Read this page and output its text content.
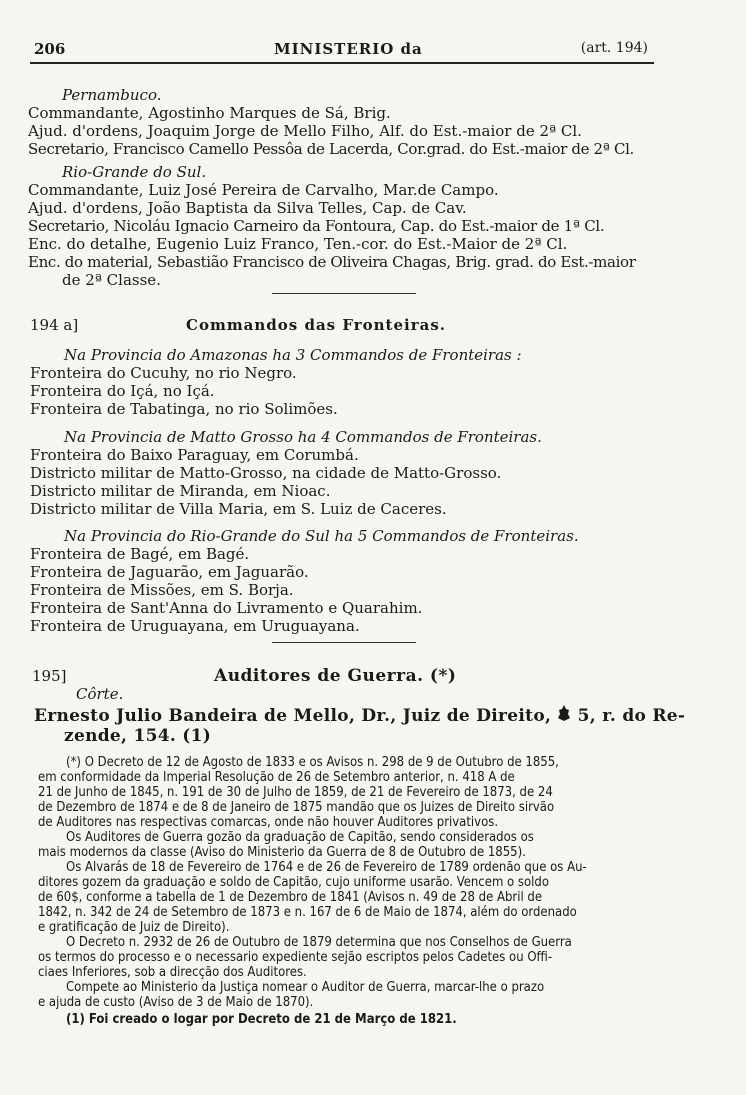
206	MINISTERIO da	(art. 194)
Pernambuco.
Commandante, Agostinho Marques de Sá, Brig.
Ajud. d'ordens, Joaquim Jorge de Mello Filho, Alf. do Est.-maior de 2ª Cl.
Secretario, Francisco Camello Pessôa de Lacerda, Cor.grad. do Est.-maior de 2ª Cl.
Rio-Grande do Sul.
Commandante, Luiz José Pereira de Carvalho, Mar.de Campo.
Ajud. d'ordens, João Baptista da Silva Telles, Cap. de Cav.
Secretario, Nicoláu Ignacio Carneiro da Fontoura, Cap. do Est.-maior de 1ª Cl.
Enc. do detalhe, Eugenio Luiz Franco, Ten.-cor. do Est.-Maior de 2ª Cl.
Enc. do material, Sebastião Francisco de Oliveira Chagas, Brig. grad. do Est.-maior
de 2ª Classe.
194 a]	Commandos das Fronteiras.
Na Provincia do Amazonas ha 3 Commandos de Fronteiras :
Fronteira do Cucuhy, no rio Negro.
Fronteira do Içá, no Içá.
Fronteira de Tabatinga, no rio Solimões.
Na Provincia de Matto Grosso ha 4 Commandos de Fronteiras.
Fronteira do Baixo Paraguay, em Corumbá.
Districto militar de Matto-Grosso, na cidade de Matto-Grosso.
Districto militar de Miranda, em Nioac.
Districto militar de Villa Maria, em S. Luiz de Caceres.
Na Provincia do Rio-Grande do Sul ha 5 Commandos de Fronteiras.
Fronteira de Bagé, em Bagé.
Fronteira de Jaguarão, em Jaguarão.
Fronteira de Missões, em S. Borja.
Fronteira de Sant'Anna do Livramento e Quarahim.
Fronteira de Uruguayana, em Uruguayana.
195]	Auditores de Guerra. (*)
Côrte.
Ernesto Julio Bandeira de Mello, Dr., Juiz de Direito, 5, r. do Re-
zende, 154. (1)
(*) O Decreto de 12 de Agosto de 1833 e os Avisos n. 298 de 9 de Outubro de 1855,
em conformidade da Imperial Resolução de 26 de Setembro anterior, n. 418 A de
21 de Junho de 1845, n. 191 de 30 de Julho de 1859, de 21 de Fevereiro de 1873, de 24
de Dezembro de 1874 e de 8 de Janeiro de 1875 mandão que os Juizes de Direito sirvão
de Auditores nas respectivas comarcas, onde não houver Auditores privativos.
Os Auditores de Guerra gozão da graduação de Capitão, sendo considerados os
mais modernos da classe (Aviso do Ministerio da Guerra de 8 de Outubro de 1855).
Os Alvarás de 18 de Fevereiro de 1764 e de 26 de Fevereiro de 1789 ordenão que os Au-
ditores gozem da graduação e soldo de Capitão, cujo uniforme usarão. Vencem o soldo
de 60$, conforme a tabella de 1 de Dezembro de 1841 (Avisos n. 49 de 28 de Abril de
1842, n. 342 de 24 de Setembro de 1873 e n. 167 de 6 de Maio de 1874, além do ordenado
e gratificação de Juiz de Direito).
O Decreto n. 2932 de 26 de Outubro de 1879 determina que nos Conselhos de Guerra
os termos do processo e o necessario expediente sejão escriptos pelos Cadetes ou Offi-
ciaes Inferiores, sob a direcção dos Auditores.
Compete ao Ministerio da Justiça nomear o Auditor de Guerra, marcar-lhe o prazo
e ajuda de custo (Aviso de 3 de Maio de 1870).
(1) Foi creado o logar por Decreto de 21 de Março de 1821.
